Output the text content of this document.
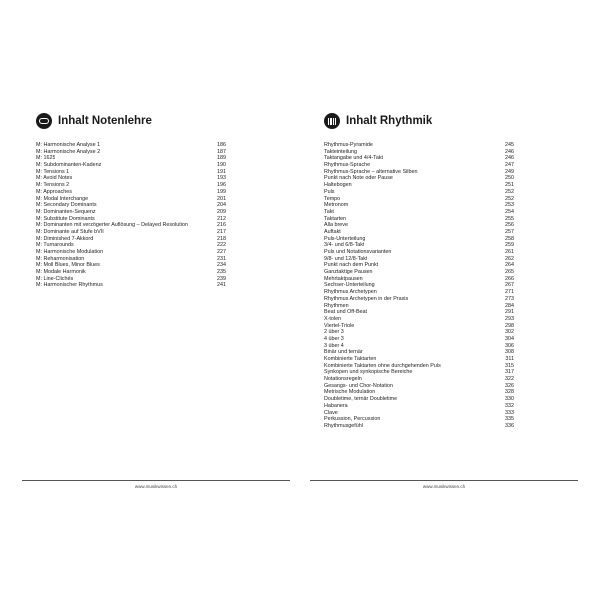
Inhalt Notenlehre
M: Harmonische Analyse 1	186
M: Harmonische Analyse 2	187
M: 1625	189
M: Subdominanten-Kadenz	190
M: Tensions 1	191
M: Avoid Notes	193
M: Tensions 2	196
M: Approaches	199
M: Modal Interchange	201
M: Secondary Dominants	204
M: Dominanten-Sequenz	209
M: Substitute Dominants	212
M: Dominanten mit verzögerter Auflösung – Delayed Resolution	216
M: Dominante auf Stufe bVII	217
M: Diminished 7-Akkord	218
M: Turnarounds	222
M: Harmonische Modulation	227
M: Reharmonisation	231
M: Moll Blues, Minor Blues	234
M: Modale Harmonik	235
M: Line-Clichés	239
M: Harmonischer Rhythmus	241
www.musikwissen.ch
Inhalt Rhythmik
Rhythmus-Pyramide	245
Takteinteilung	246
Taktangabe und 4/4-Takt	246
Rhythmus-Sprache	247
Rhythmus-Sprache – alternative Silben	249
Punkt nach Note oder Pause	250
Haltebogen	251
Puls	252
Tempo	252
Metronom	253
Takt	254
Taktarten	255
Alla breve	256
Auftakt	257
Puls-Unterteilung	258
3/4- und 6/8-Takt	259
Puls und Notationsvarianten	261
9/8- und 12/8-Takt	262
Punkt nach dem Punkt	264
Ganztaktige Pausen	265
Mehrtaktpausen	266
Sechser-Unterteilung	267
Rhythmus Archetypen	271
Rhythmus Archetypen in der Praxis	273
Rhythmen	284
Beat und Off-Beat	291
X-tolen	293
Viertel-Triole	298
2 über 3	302
4 über 3	304
3 über 4	306
Binär und ternär	308
Kombinierte Taktarten	311
Kombinierte Taktarten ohne durchgehenden Puls	315
Synkopen und synkopische Bereiche	317
Notationsregeln	322
Gesangs- und Chor-Notation	326
Metrische Modulation	328
Doubletime, ternär Doubletime	330
Habanera	332
Clave	333
Perkussion, Percussion	335
Rhythmusgefühl	336
www.musikwissen.ch
